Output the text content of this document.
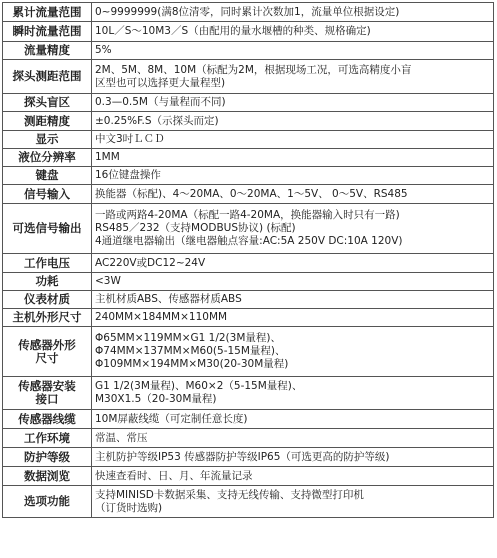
累计流量范围	0~9999999(满8位清零，同时累计次数加1，流量单位根据设定)

瞬时流量范围	10L／S～10M3／S（由配用的量水堰槽的种类、规格确定)

流量精度	5%

探头测距范围	2M、5M、8M、10M（标配为2M，根据现场工况，可选高精度小盲
区型也可以选择更大量程型)

探头盲区	0.3—0.5M（与量程而不同)

测距精度	±0.25%F.S（示探头而定)

显示	中文3吋ＬＣＤ

液位分辨率	1MM

键盘	16位键盘操作

信号输入	换能器（标配)、4～20MA、0～20MA、1～5V、 0～5V、RS485

可选信号输出	一路或两路4-20MA（标配一路4-20MA，换能器输入时只有一路)
RS485／232（支持MODBUS协议) (标配)
4通道继电器输出（继电器触点容量:AC:5A 250V DC:10A 120V)

工作电压	AC220V或DC12~24V

功耗	<3W

仪表材质	主机材质ABS、传感器材质ABS

主机外形尺寸	240MM×184MM×110MM

传感器外形
尺寸	Φ65MM×119MM×G1 1/2(3M量程)、
Φ74MM×137MM×M60(5-15M量程)、
Φ109MM×194MM×M30(20-30M量程)

传感器安装
接口	G1 1/2(3M量程)、M60×2（5-15M量程)、
M30X1.5（20-30M量程)

传感器线缆	10M屏蔽线缆（可定制任意长度)

工作环境	常温、常压

防护等级	主机防护等级IP53 传感器防护等级IP65（可选更高的防护等级)

数据浏览	快速查看时、日、月、年流量记录

选项功能	支持MINISD卡数据采集、支持无线传输、支持微型打印机
（订货时选购)
